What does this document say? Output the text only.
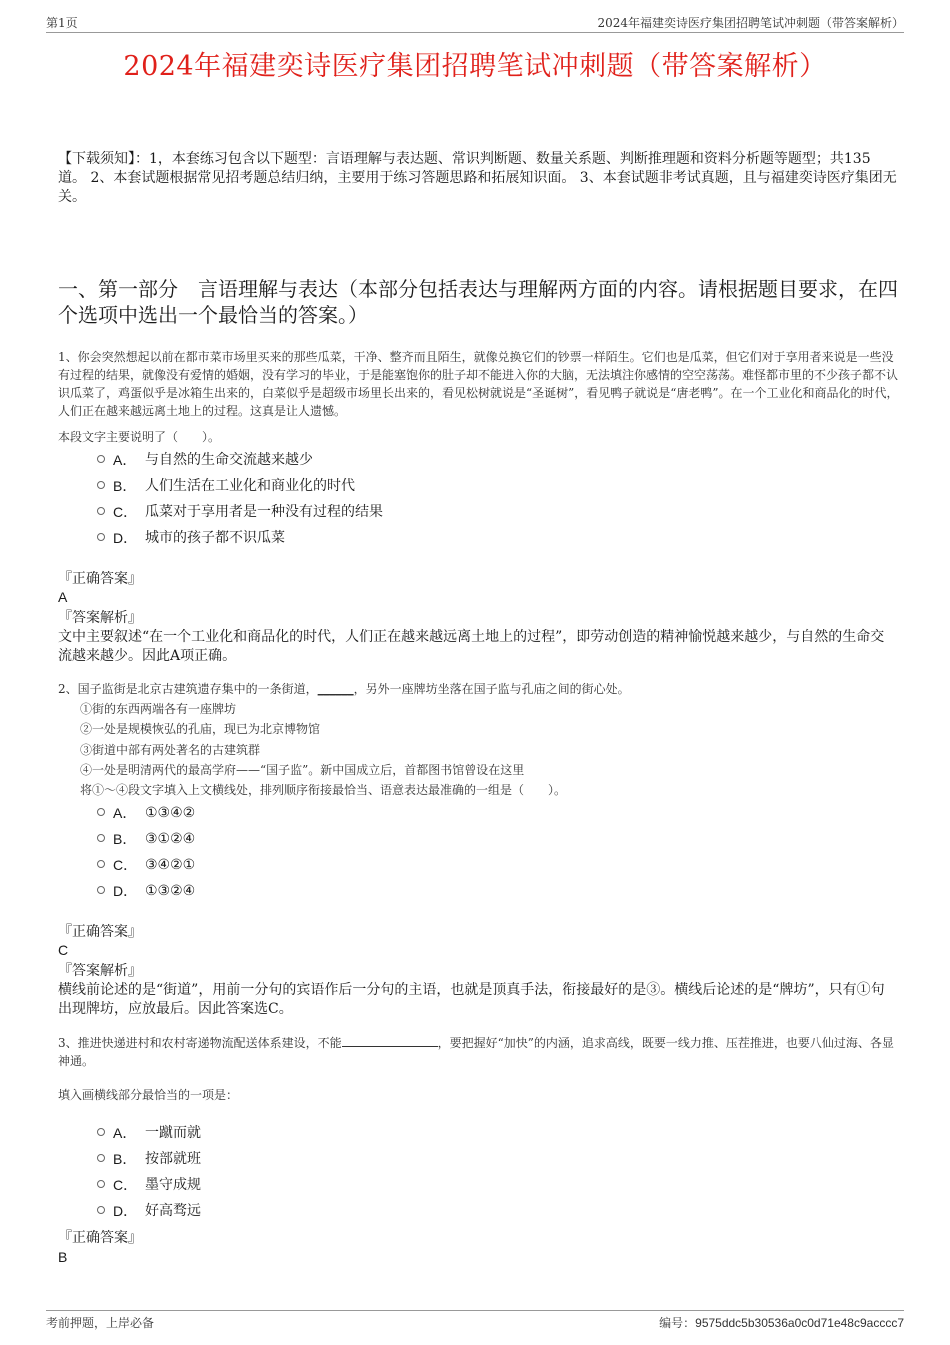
第1页	2024年福建奕诗医疗集团招聘笔试冲刺题（带答案解析）
2024年福建奕诗医疗集团招聘笔试冲刺题（带答案解析）
【下载须知】：1，本套练习包含以下题型：言语理解与表达题、常识判断题、数量关系题、判断推理题和资料分析题等题型；共135道。 2、本套试题根据常见招考题总结归纳，主要用于练习答题思路和拓展知识面。 3、本套试题非考试真题，且与福建奕诗医疗集团无关。
一、第一部分　言语理解与表达（本部分包括表达与理解两方面的内容。请根据题目要求，在四个选项中选出一个最恰当的答案。）
1、你会突然想起以前在都市菜市场里买来的那些瓜菜，干净、整齐而且陌生，就像兑换它们的钞票一样陌生。它们也是瓜菜，但它们对于享用者来说是一些没有过程的结果，就像没有爱情的婚姻，没有学习的毕业，于是能塞饱你的肚子却不能进入你的大脑，无法填注你感情的空空荡荡。难怪都市里的不少孩子都不认识瓜菜了，鸡蛋似乎是冰箱生出来的，白菜似乎是超级市场里长出来的，看见松树就说是“圣诞树”，看见鸭子就说是“唐老鸭”。在一个工业化和商品化的时代，人们正在越来越远离土地上的过程。这真是让人遗憾。
本段文字主要说明了（　　）。
A． 与自然的生命交流越来越少
B． 人们生活在工业化和商业化的时代
C． 瓜菜对于享用者是一种没有过程的结果
D． 城市的孩子都不识瓜菜
『正确答案』
A
『答案解析』
文中主要叙述“在一个工业化和商品化的时代，人们正在越来越远离土地上的过程”，即劳动创造的精神愉悦越来越少，与自然的生命交流越来越少。因此A项正确。
2、国子监街是北京古建筑遗存集中的一条街道，______，另外一座牌坊坐落在国子监与孔庙之间的街心处。
①街的东西两端各有一座牌坊
②一处是规模恢弘的孔庙，现已为北京博物馆
③街道中部有两处著名的古建筑群
④一处是明清两代的最高学府——“国子监”。新中国成立后，首都图书馆曾设在这里
将①～④段文字填入上文横线处，排列顺序衔接最恰当、语意表达最准确的一组是（　　）。
A． ①③④②
B． ③①②④
C． ③④②①
D． ①③②④
『正确答案』
C
『答案解析』
横线前论述的是“街道”，用前一分句的宾语作后一分句的主语，也就是顶真手法，衔接最好的是③。横线后论述的是“牌坊”，只有①句出现牌坊，应放最后。因此答案选C。
3、推进快递进村和农村寄递物流配送体系建设，不能	，要把握好“加快”的内涵，追求高线，既要一线力推、压茬推进，也要八仙过海、各显神通。
填入画横线部分最恰当的一项是：
A． 一蹴而就
B． 按部就班
C． 墨守成规
D． 好高骛远
『正确答案』
B
考前押题，上岸必备	编号：9575ddc5b30536a0c0d71e48c9acccc7
